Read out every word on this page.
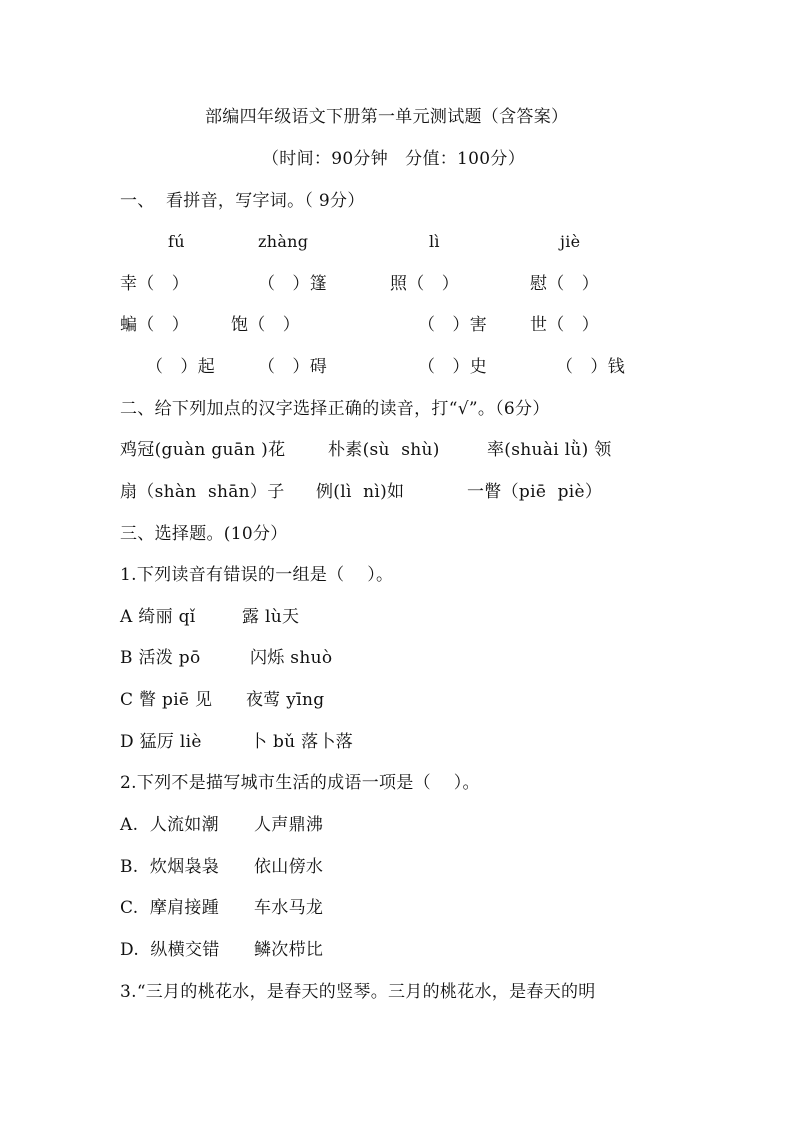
部编四年级语文下册第一单元测试题（含答案）
（时间：90分钟   分值：100分）
一、  看拼音，写字词。（ 9分）
fú	zhàng	lì	jiè
幸（   ）	（   ）篷	照（   ）	慰（   ）
蝙（   ） 饱（   ）	（   ）害	世（   ）
（   ）起	（   ）碍	（   ）史	（   ）钱
二、给下列加点的汉字选择正确的读音，打“√”。（6分）
鸡冠(guàn guān )花	朴素(sù  shù)	率(shuài lǜ) 领
扇（shàn  shān）子 例(lì  nì)如	一瞥（piē  piè）
三、选择题。(10分）
1.下列读音有错误的一组是（    ）。
A 绮丽 qǐ	露 lù天
B 活泼 pō	闪烁 shuò
C 瞥 piē 见 夜莺 yīng
D 猛厉 liè	卜 bǔ 落卜落
2.下列不是描写城市生活的成语一项是（    ）。
A.  人流如潮 人声鼎沸
B.  炊烟袅袅 依山傍水
C.  摩肩接踵 车水马龙
D.  纵横交错 鳞次栉比
3.“三月的桃花水，是春天的竖琴。三月的桃花水，是春天的明
